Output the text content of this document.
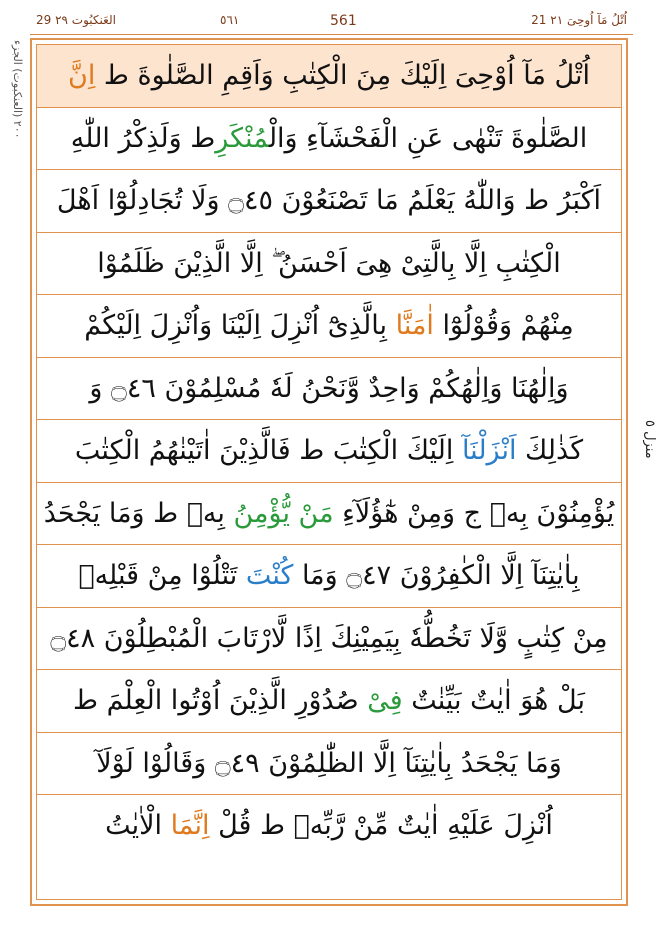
29 العَنكبُوت ٢٩	٥٦١	561	21 اُتْلُ مَآ اُوحِیَ ٢١
٢٠٠ (العنكبوت) الجزء
منزل ٥
اُتْلُ مَآ اُوْحِیَ اِلَیْكَ مِنَ الْكِتٰبِ وَاَقِمِ الصَّلٰوةَ ط اِنَّ
الصَّلٰوةَ تَنْهٰی عَنِ الْفَحْشَآءِ وَالْمُنْكَرِط وَلَذِكْرُ اللّٰهِ
اَكْبَرُ ط وَاللّٰهُ یَعْلَمُ مَا تَصْنَعُوْنَ ۝٤٥ وَلَا تُجَادِلُوْٓا اَهْلَ
الْكِتٰبِ اِلَّا بِالَّتِیْ هِیَ اَحْسَنُ ۖ اِلَّا الَّذِیْنَ ظَلَمُوْا
مِنْهُمْ وَقُوْلُوْٓا اٰمَنَّا بِالَّذِیْٓ اُنْزِلَ اِلَیْنَا وَاُنْزِلَ اِلَیْكُمْ
وَاِلٰهُنَا وَاِلٰهُكُمْ وَاحِدٌ وَّنَحْنُ لَهٗ مُسْلِمُوْنَ ۝٤٦ وَ
كَذٰلِكَ اَنْزَلْنَآ اِلَیْكَ الْكِتٰبَ ط فَالَّذِیْنَ اٰتَیْنٰهُمُ الْكِتٰبَ
یُؤْمِنُوْنَ بِهٖ ج وَمِنْ هٰٓؤُلَآءِ مَنْ یُّؤْمِنُ بِهٖ ط وَمَا یَجْحَدُ
بِاٰیٰتِنَآ اِلَّا الْكٰفِرُوْنَ ۝٤٧ وَمَا كُنْتَ تَتْلُوْا مِنْ قَبْلِهٖ
مِنْ كِتٰبٍ وَّلَا تَخُطُّهٗ بِیَمِیْنِكَ اِذًا لَّارْتَابَ الْمُبْطِلُوْنَ ۝٤٨
بَلْ هُوَ اٰیٰتٌ بَیِّنٰتٌ فِیْ صُدُوْرِ الَّذِیْنَ اُوْتُوا الْعِلْمَ ط
وَمَا یَجْحَدُ بِاٰیٰتِنَآ اِلَّا الظّٰلِمُوْنَ ۝٤٩ وَقَالُوْا لَوْلَآ
اُنْزِلَ عَلَیْهِ اٰیٰتٌ مِّنْ رَّبِّهٖ ط قُلْ اِنَّمَا الْاٰیٰتُ
